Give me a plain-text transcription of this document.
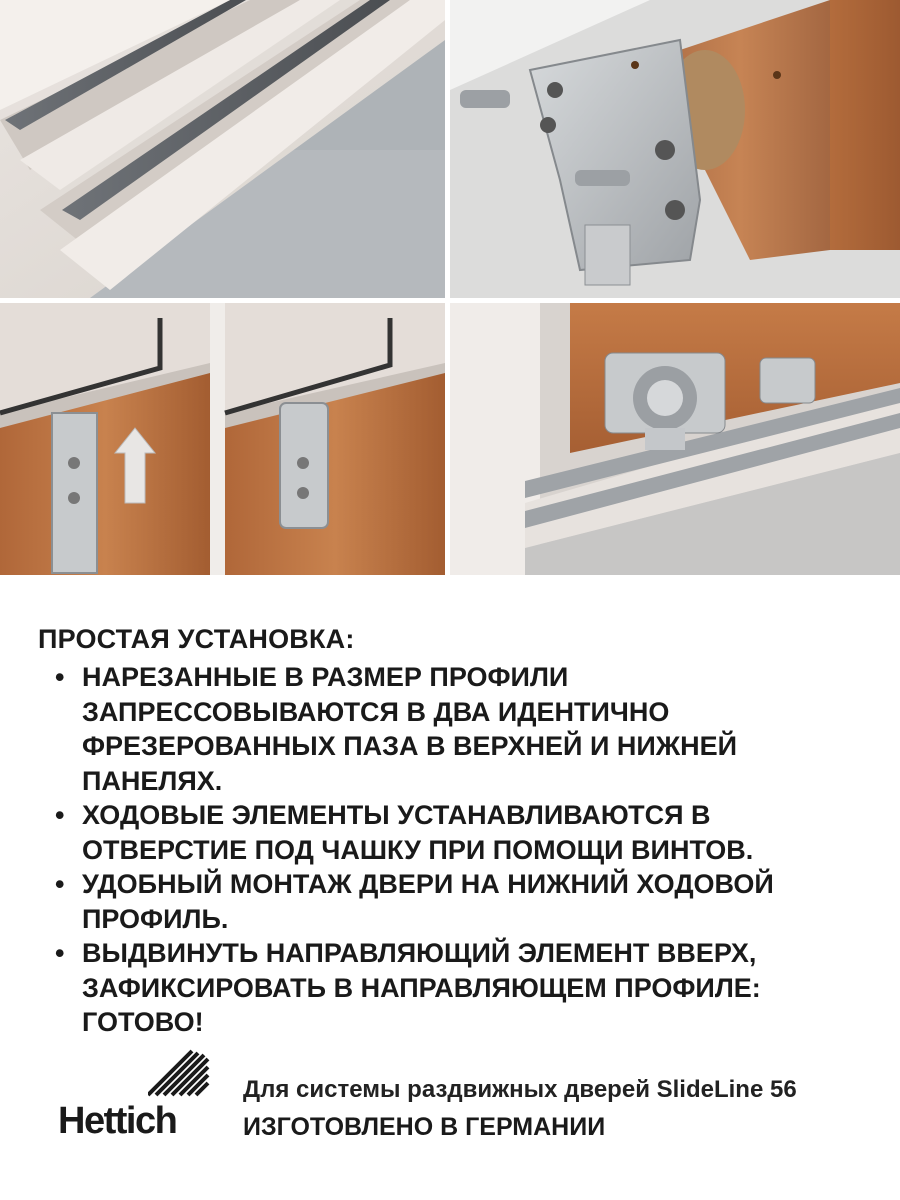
ПРОСТАЯ УСТАНОВКА:
• НАРЕЗАННЫЕ В РАЗМЕР ПРОФИЛИ ЗАПРЕССОВЫВАЮТСЯ В ДВА ИДЕНТИЧНО ФРЕЗЕРОВАННЫХ ПАЗА В ВЕРХНЕЙ И НИЖНЕЙ ПАНЕЛЯХ.
• ХОДОВЫЕ ЭЛЕМЕНТЫ УСТАНАВЛИВАЮТСЯ В ОТВЕРСТИЕ ПОД ЧАШКУ ПРИ ПОМОЩИ ВИНТОВ.
• УДОБНЫЙ МОНТАЖ ДВЕРИ НА НИЖНИЙ ХОДОВОЙ ПРОФИЛЬ.
• ВЫДВИНУТЬ НАПРАВЛЯЮЩИЙ ЭЛЕМЕНТ ВВЕРХ, ЗАФИКСИРОВАТЬ В НАПРАВЛЯЮЩЕМ ПРОФИЛЕ: ГОТОВО!
Hettich
Для системы раздвижных дверей SlideLine 56
ИЗГОТОВЛЕНО В ГЕРМАНИИ
